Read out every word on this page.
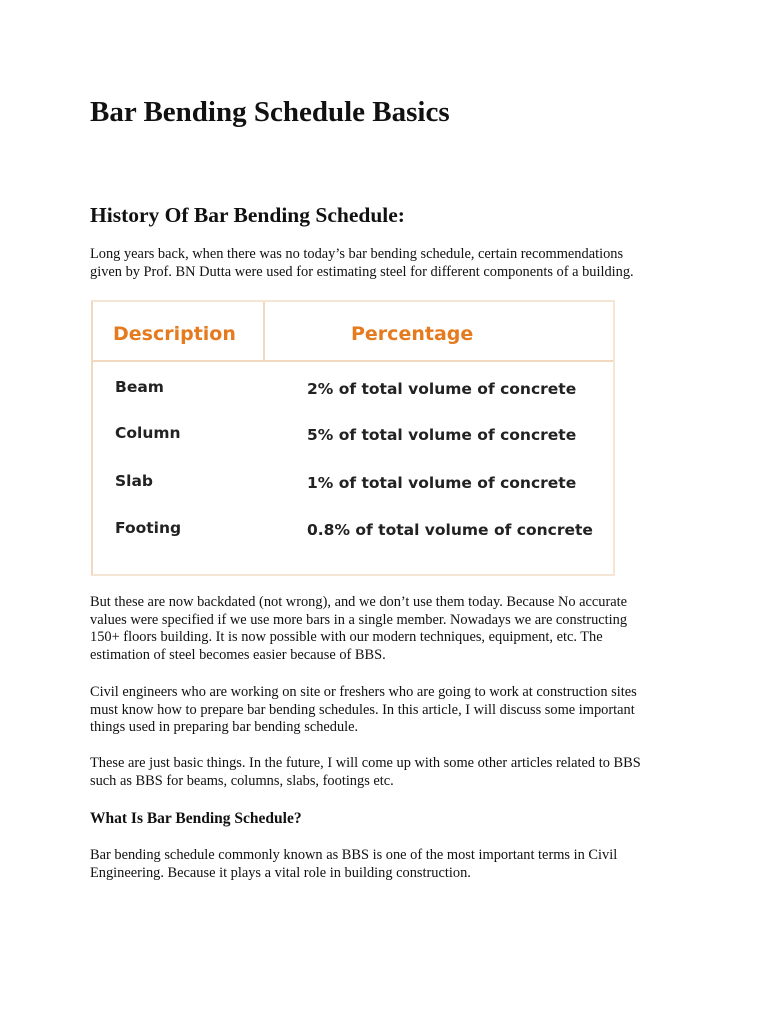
Bar Bending Schedule Basics
History Of Bar Bending Schedule:

Long years back, when there was no today’s bar bending schedule, certain recommendations
given by Prof. BN Dutta were used for estimating steel for different components of a building.

Description	Percentage
Beam	2% of total volume of concrete
Column	5% of total volume of concrete
Slab	1% of total volume of concrete
Footing	0.8% of total volume of concrete

But these are now backdated (not wrong), and we don’t use them today. Because No accurate
values were specified if we use more bars in a single member. Nowadays we are constructing
150+ floors building. It is now possible with our modern techniques, equipment, etc. The
estimation of steel becomes easier because of BBS.

Civil engineers who are working on site or freshers who are going to work at construction sites
must know how to prepare bar bending schedules. In this article, I will discuss some important
things used in preparing bar bending schedule.

These are just basic things. In the future, I will come up with some other articles related to BBS
such as BBS for beams, columns, slabs, footings etc.

What Is Bar Bending Schedule?

Bar bending schedule commonly known as BBS is one of the most important terms in Civil
Engineering. Because it plays a vital role in building construction.
